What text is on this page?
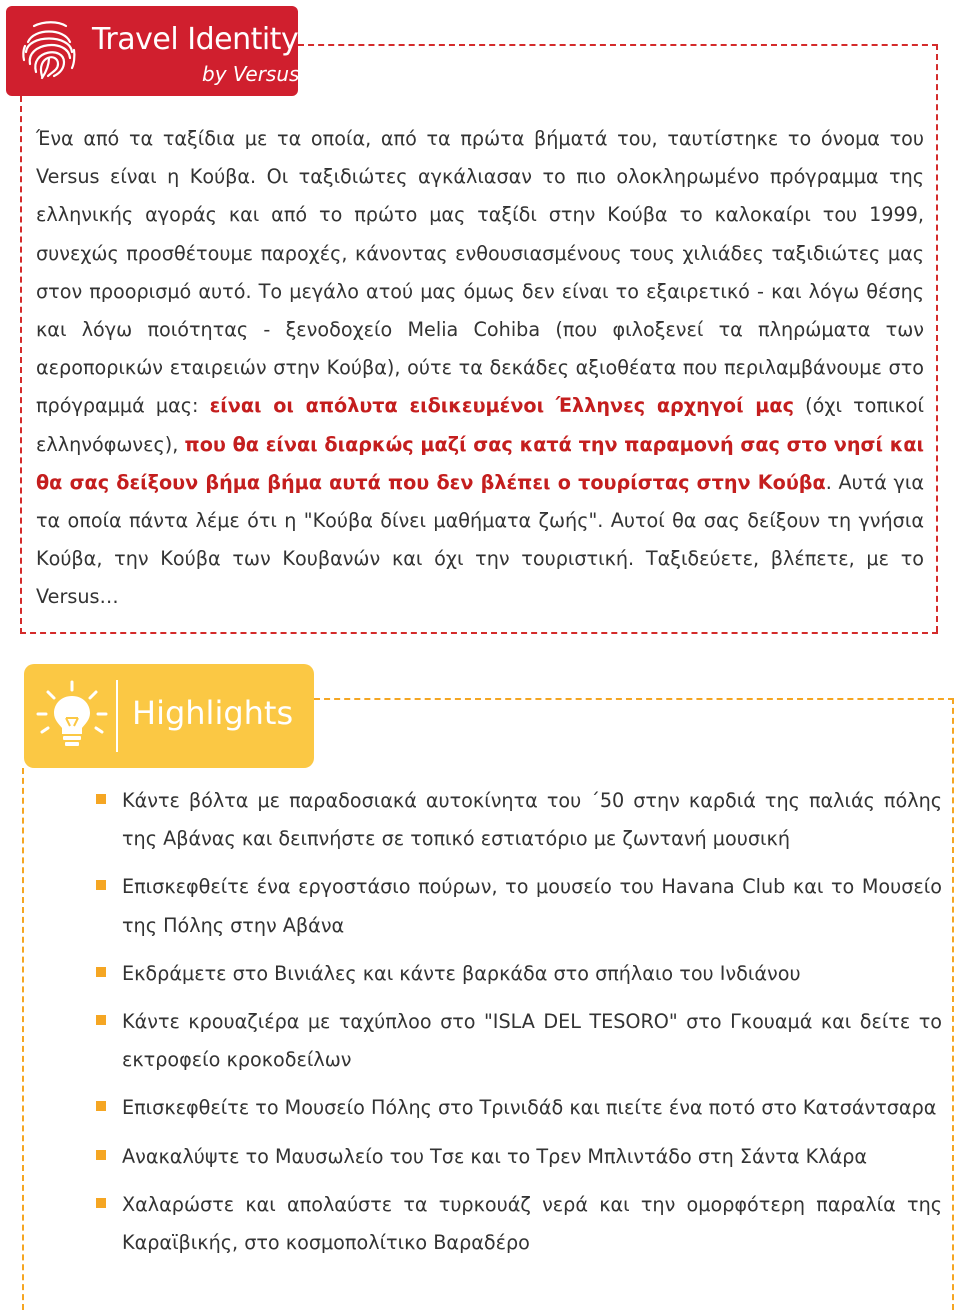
Travel Identity
by Versus
Ένα από τα ταξίδια με τα οποία, από τα πρώτα βήματά του, ταυτίστηκε το όνομα του Versus είναι η Κούβα. Οι ταξιδιώτες αγκάλιασαν το πιο ολοκληρωμένο πρόγραμμα της ελληνικής αγοράς και από το πρώτο μας ταξίδι στην Κούβα το καλοκαίρι του 1999, συνεχώς προσθέτουμε παροχές, κάνοντας ενθουσιασμένους τους χιλιάδες ταξιδιώτες μας στον προορισμό αυτό. Το μεγάλο ατού μας όμως δεν είναι το εξαιρετικό - και λόγω θέσης και λόγω ποιότητας - ξενοδοχείο Melia Cohiba (που φιλοξενεί τα πληρώματα των αεροπορικών εταιρειών στην Κούβα), ούτε τα δεκάδες αξιοθέατα που περιλαμβάνουμε στο πρόγραμμά μας: είναι οι απόλυτα ειδικευμένοι Έλληνες αρχηγοί μας (όχι τοπικοί ελληνόφωνες), που θα είναι διαρκώς μαζί σας κατά την παραμονή σας στο νησί και θα σας δείξουν βήμα βήμα αυτά που δεν βλέπει ο τουρίστας στην Κούβα. Αυτά για τα οποία πάντα λέμε ότι η "Κούβα δίνει μαθήματα ζωής". Αυτοί θα σας δείξουν τη γνήσια Κούβα, την Κούβα των Κουβανών και όχι την τουριστική. Ταξιδεύετε, βλέπετε, με το Versus…
Highlights
Κάντε βόλτα με παραδοσιακά αυτοκίνητα του ΄50 στην καρδιά της παλιάς πόλης της Αβάνας και δειπνήστε σε τοπικό εστιατόριο με ζωντανή μουσική
Επισκεφθείτε ένα εργοστάσιο πούρων, το μουσείο του Havana Club και το Μουσείο της Πόλης στην Αβάνα
Εκδράμετε στο Βινιάλες και κάντε βαρκάδα στο σπήλαιο του Ινδιάνου
Κάντε κρουαζιέρα με ταχύπλοο στο "ISLA DEL TESORO" στο Γκουαμά και δείτε το εκτροφείο κροκοδείλων
Επισκεφθείτε το Μουσείο Πόλης στο Τρινιδάδ και πιείτε ένα ποτό στο Κατσάντσαρα
Ανακαλύψτε το Μαυσωλείο του Τσε και το Τρεν Μπλιντάδο στη Σάντα Κλάρα
Χαλαρώστε και απολαύστε τα τυρκουάζ νερά και την ομορφότερη παραλία της Καραϊβικής, στο κοσμοπολίτικο Βαραδέρο
